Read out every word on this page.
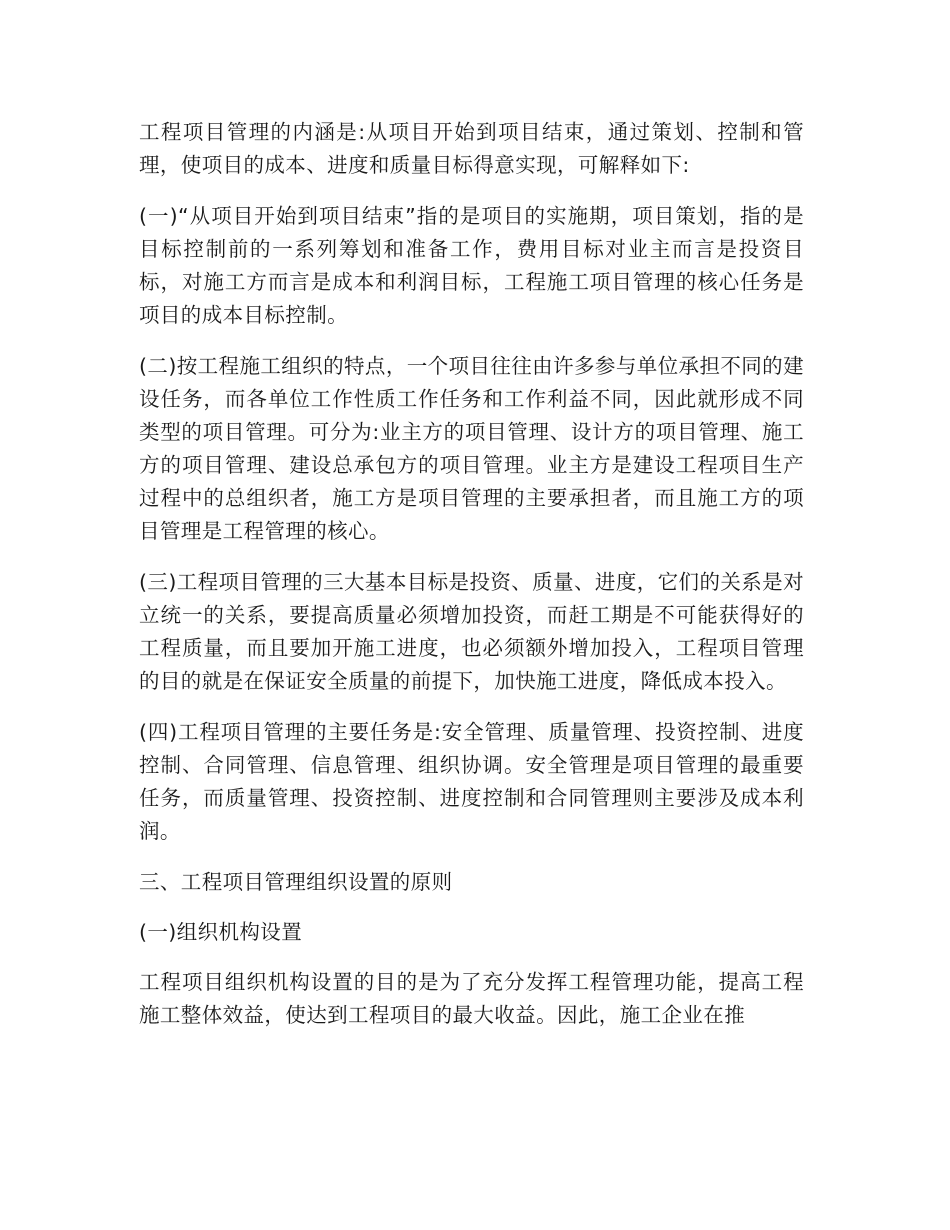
工程项目管理的内涵是:从项目开始到项目结束，通过策划、控制和管理，使项目的成本、进度和质量目标得意实现，可解释如下:

(一)“从项目开始到项目结束”指的是项目的实施期，项目策划，指的是目标控制前的一系列筹划和准备工作，费用目标对业主而言是投资目标，对施工方而言是成本和利润目标，工程施工项目管理的核心任务是项目的成本目标控制。

(二)按工程施工组织的特点，一个项目往往由许多参与单位承担不同的建设任务，而各单位工作性质工作任务和工作利益不同，因此就形成不同类型的项目管理。可分为:业主方的项目管理、设计方的项目管理、施工方的项目管理、建设总承包方的项目管理。业主方是建设工程项目生产过程中的总组织者，施工方是项目管理的主要承担者，而且施工方的项目管理是工程管理的核心。

(三)工程项目管理的三大基本目标是投资、质量、进度，它们的关系是对立统一的关系，要提高质量必须增加投资，而赶工期是不可能获得好的工程质量，而且要加开施工进度，也必须额外增加投入，工程项目管理的目的就是在保证安全质量的前提下，加快施工进度，降低成本投入。

(四)工程项目管理的主要任务是:安全管理、质量管理、投资控制、进度控制、合同管理、信息管理、组织协调。安全管理是项目管理的最重要任务，而质量管理、投资控制、进度控制和合同管理则主要涉及成本利润。

三、工程项目管理组织设置的原则

(一)组织机构设置

工程项目组织机构设置的目的是为了充分发挥工程管理功能，提高工程施工整体效益，使达到工程项目的最大收益。因此，施工企业在推
